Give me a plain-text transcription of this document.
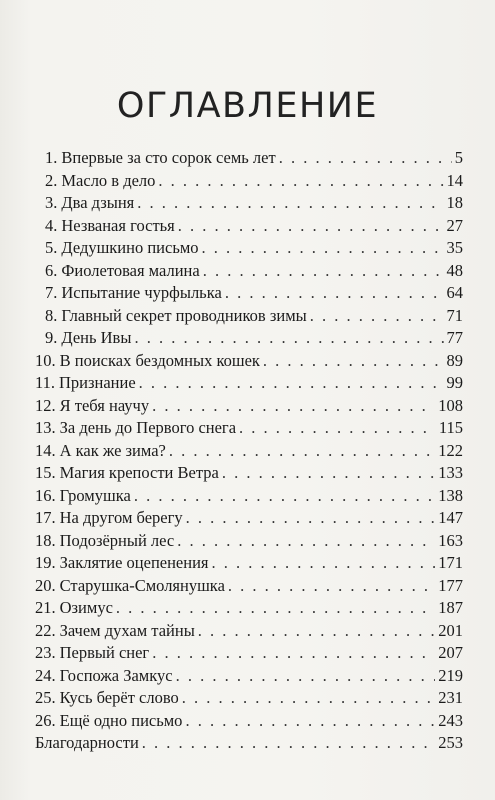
ОГЛАВЛЕНИЕ
1. Впервые за сто сорок семь лет . . .	5
2. Масло в дело . . .	14
3. Два дзыня . . .	18
4. Незваная гостья . . .	27
5. Дедушкино письмо . . .	35
6. Фиолетовая малина . . .	48
7. Испытание чурфылька . . .	64
8. Главный секрет проводников зимы . . .	71
9. День Ивы . . .	77
10. В поисках бездомных кошек . . .	89
11. Признание . . .	99
12. Я тебя научу . . .	108
13. За день до Первого снега . . .	115
14. А как же зима? . . .	122
15. Магия крепости Ветра . . .	133
16. Громушка . . .	138
17. На другом берегу . . .	147
18. Подозёрный лес . . .	163
19. Заклятие оцепенения . . .	171
20. Старушка-Смолянушка . . .	177
21. Озимус . . .	187
22. Зачем духам тайны . . .	201
23. Первый снег . . .	207
24. Госпожа Замкус . . .	219
25. Кусь берёт слово . . .	231
26. Ещё одно письмо . . .	243
Благодарности . . .	253
